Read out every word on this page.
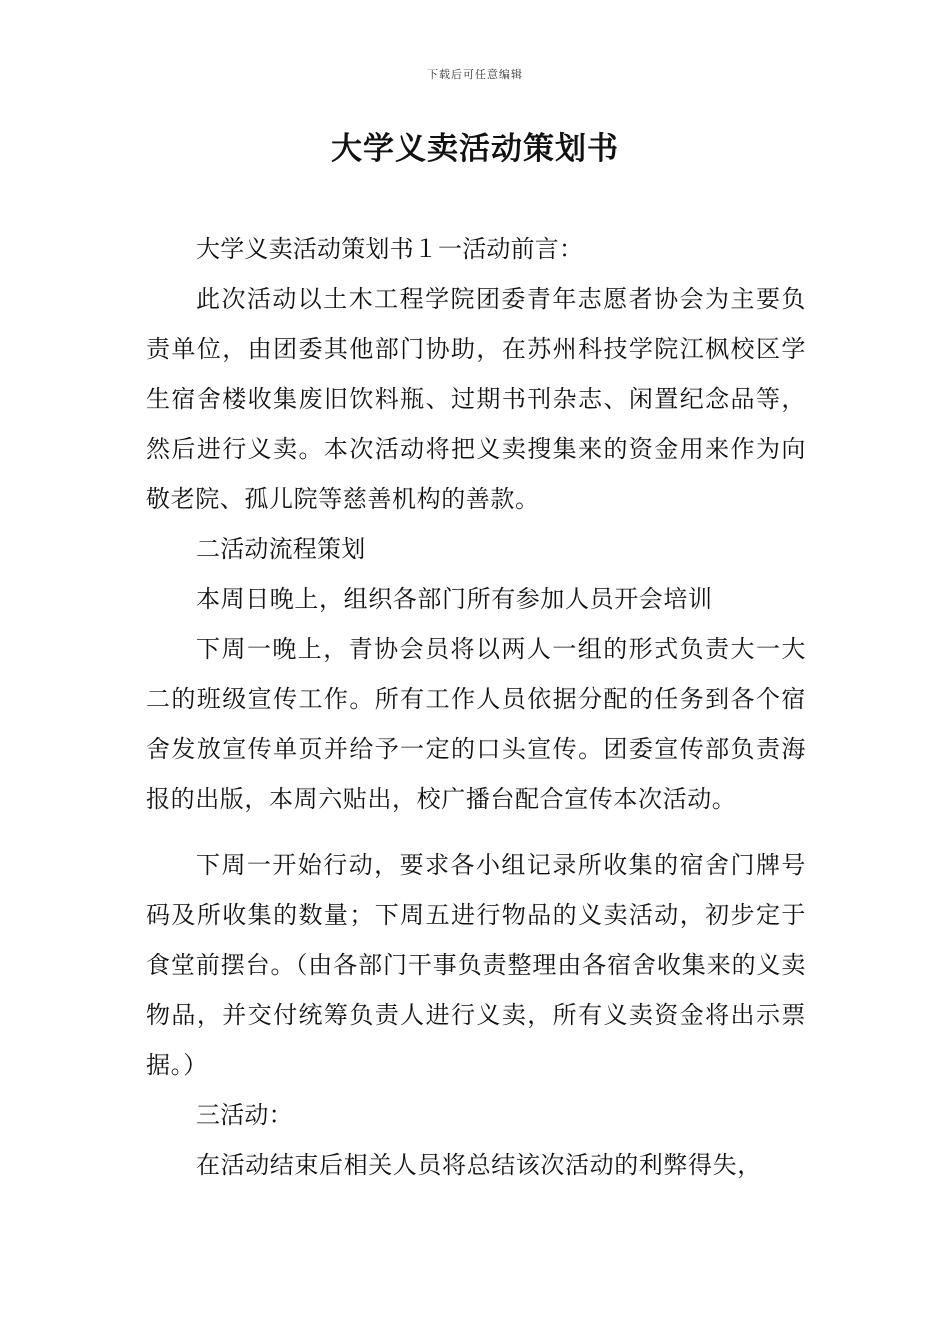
下载后可任意编辑
大学义卖活动策划书

大学义卖活动策划书１一活动前言：

此次活动以土木工程学院团委青年志愿者协会为主要负责单位，由团委其他部门协助，在苏州科技学院江枫校区学生宿舍楼收集废旧饮料瓶、过期书刊杂志、闲置纪念品等，然后进行义卖。本次活动将把义卖搜集来的资金用来作为向敬老院、孤儿院等慈善机构的善款。

二活动流程策划

本周日晚上，组织各部门所有参加人员开会培训

下周一晚上，青协会员将以两人一组的形式负责大一大二的班级宣传工作。所有工作人员依据分配的任务到各个宿舍发放宣传单页并给予一定的口头宣传。团委宣传部负责海报的出版，本周六贴出，校广播台配合宣传本次活动。

下周一开始行动，要求各小组记录所收集的宿舍门牌号码及所收集的数量；下周五进行物品的义卖活动，初步定于食堂前摆台。（由各部门干事负责整理由各宿舍收集来的义卖物品，并交付统筹负责人进行义卖，所有义卖资金将出示票据。）

三活动：

在活动结束后相关人员将总结该次活动的利弊得失，
